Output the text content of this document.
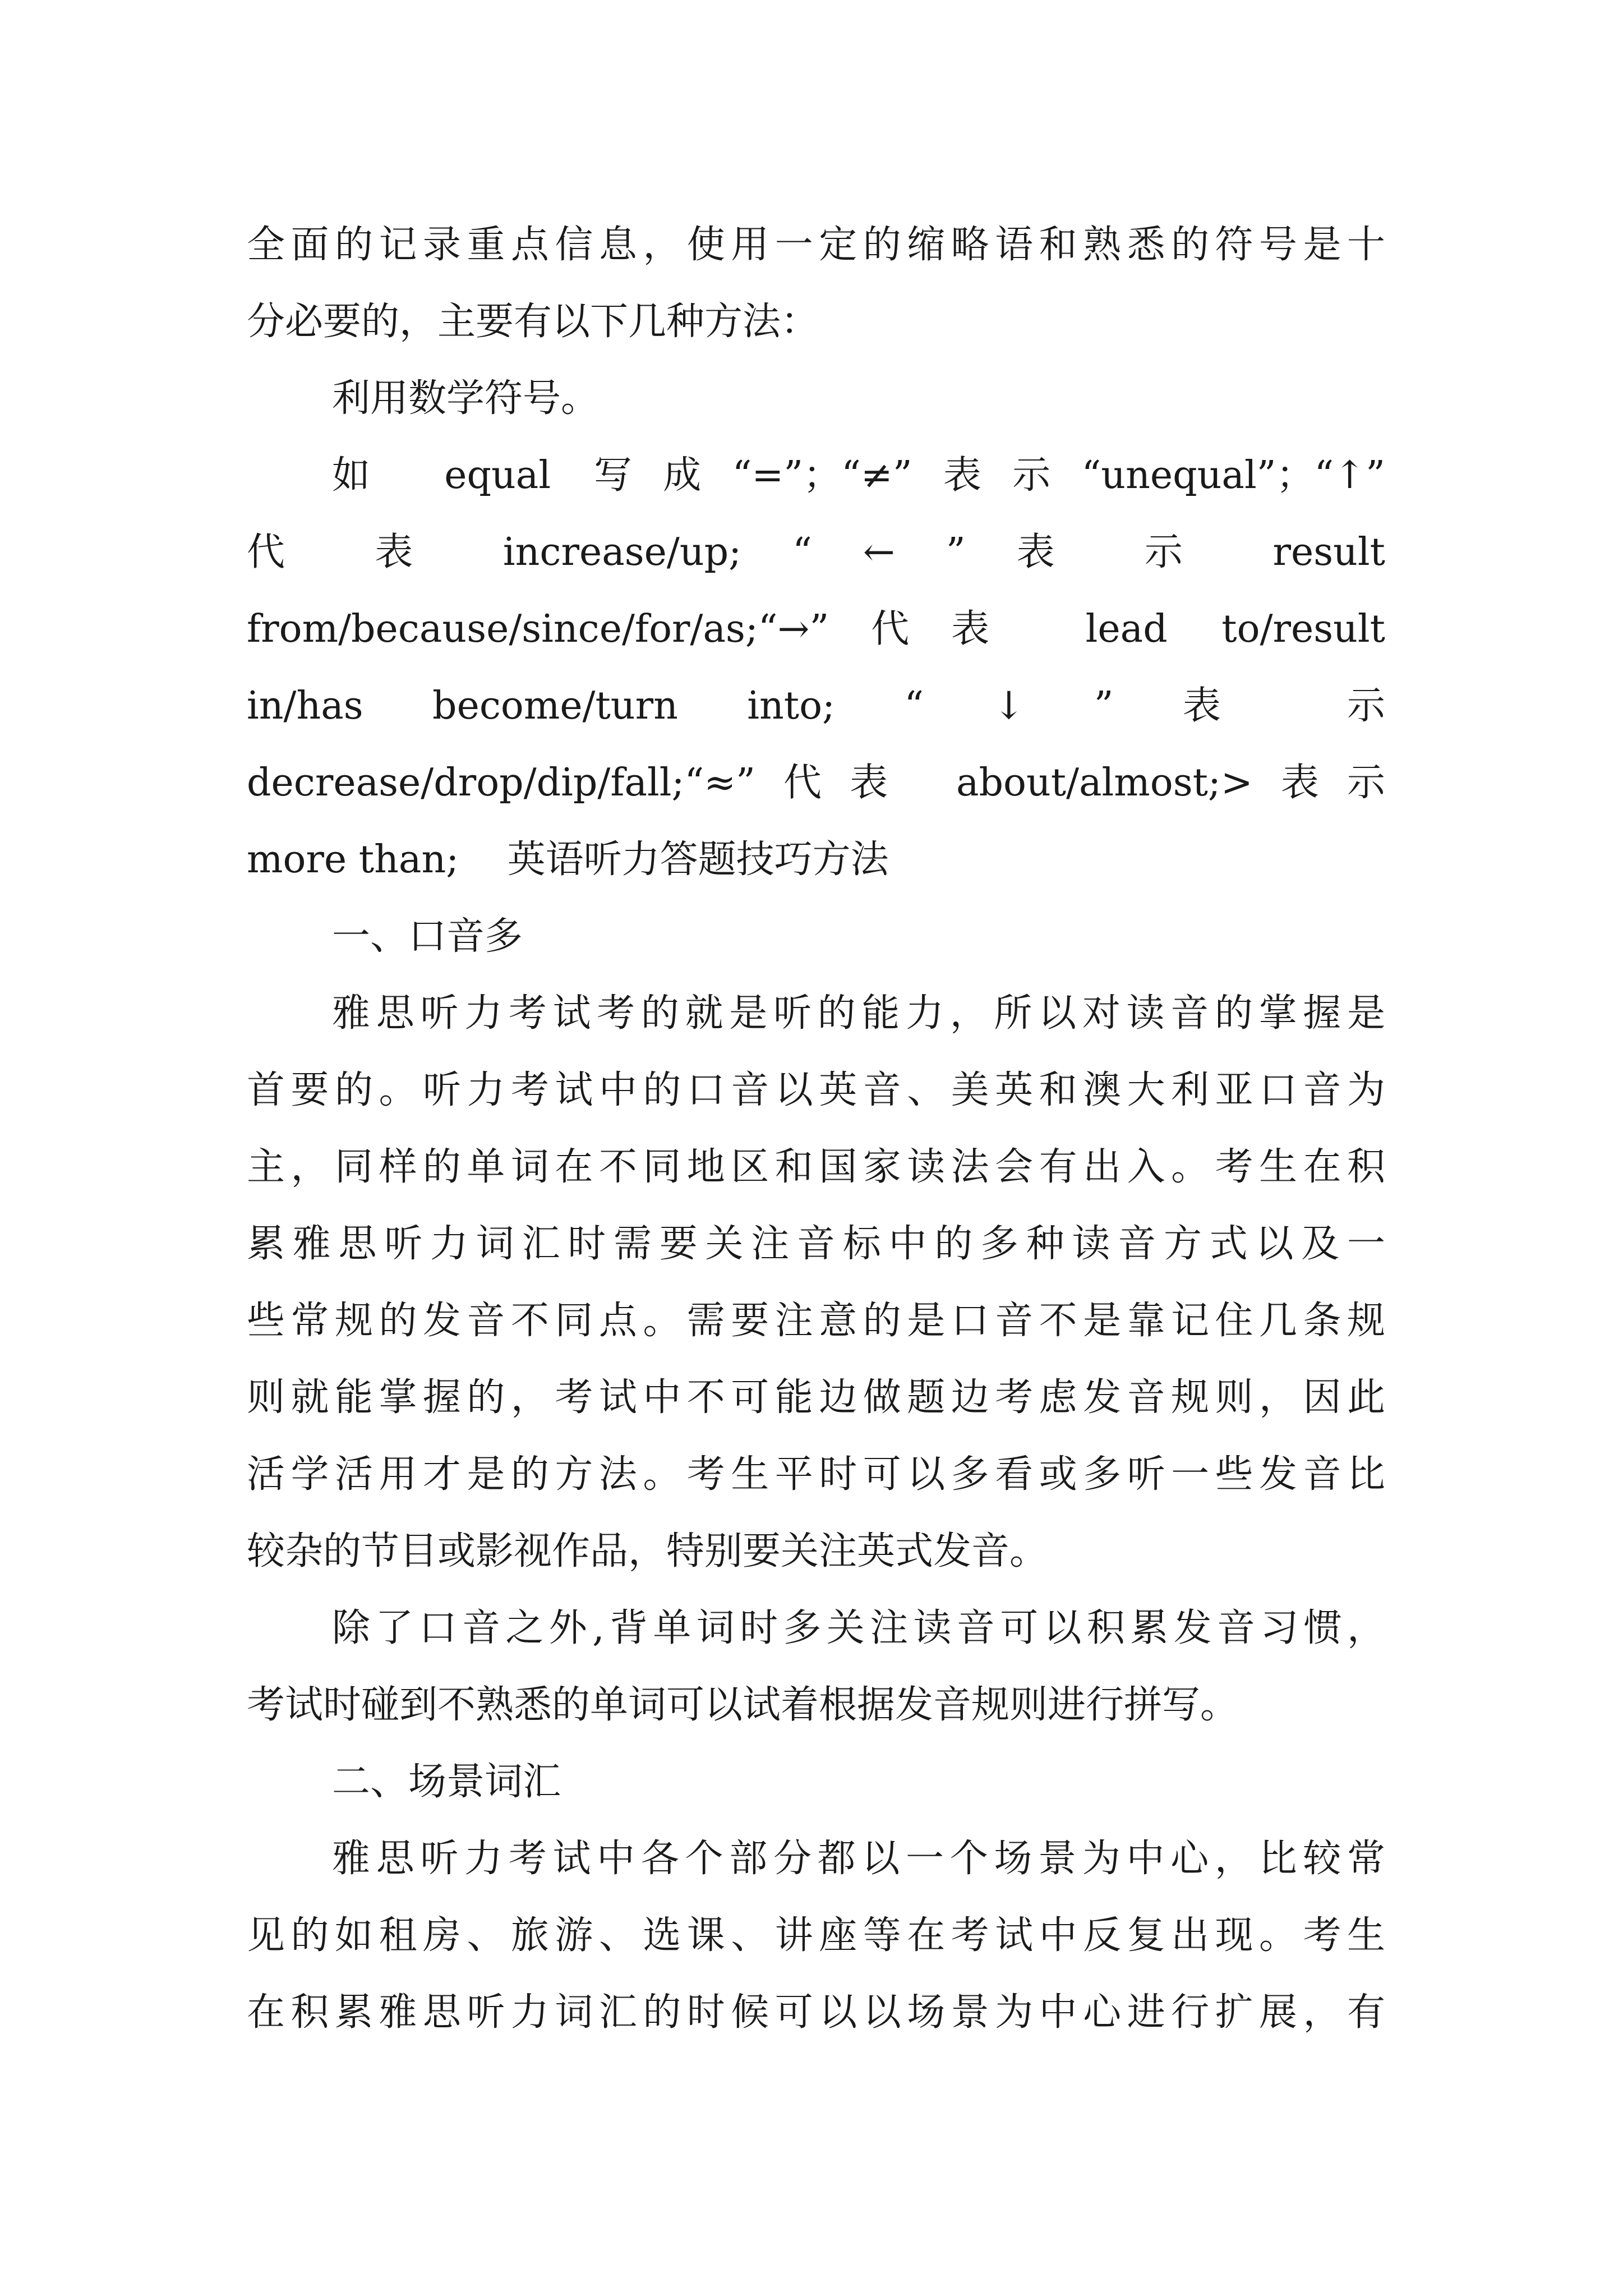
全面的记录重点信息，使用一定的缩略语和熟悉的符号是十
分必要的，主要有以下几种方法：
利用数学符号。
如 equal 写成“=”；“≠”表示“unequal”；“↑”
代 表 increase/up; “ ← ” 表 示 result
from/because/since/for/as;“→”代表 lead to/result
in/has become/turn into; “ ↓ ” 表 示
decrease/drop/dip/fall;“≈”代表 about/almost;>表示
more than;    英语听力答题技巧方法
一、口音多
雅思听力考试考的就是听的能力，所以对读音的掌握是
首要的。听力考试中的口音以英音、美英和澳大利亚口音为
主，同样的单词在不同地区和国家读法会有出入。考生在积
累雅思听力词汇时需要关注音标中的多种读音方式以及一
些常规的发音不同点。需要注意的是口音不是靠记住几条规
则就能掌握的，考试中不可能边做题边考虑发音规则，因此
活学活用才是的方法。考生平时可以多看或多听一些发音比
较杂的节目或影视作品，特别要关注英式发音。
除了口音之外,背单词时多关注读音可以积累发音习惯，
考试时碰到不熟悉的单词可以试着根据发音规则进行拼写。
二、场景词汇
雅思听力考试中各个部分都以一个场景为中心，比较常
见的如租房、旅游、选课、讲座等在考试中反复出现。考生
在积累雅思听力词汇的时候可以以场景为中心进行扩展，有
